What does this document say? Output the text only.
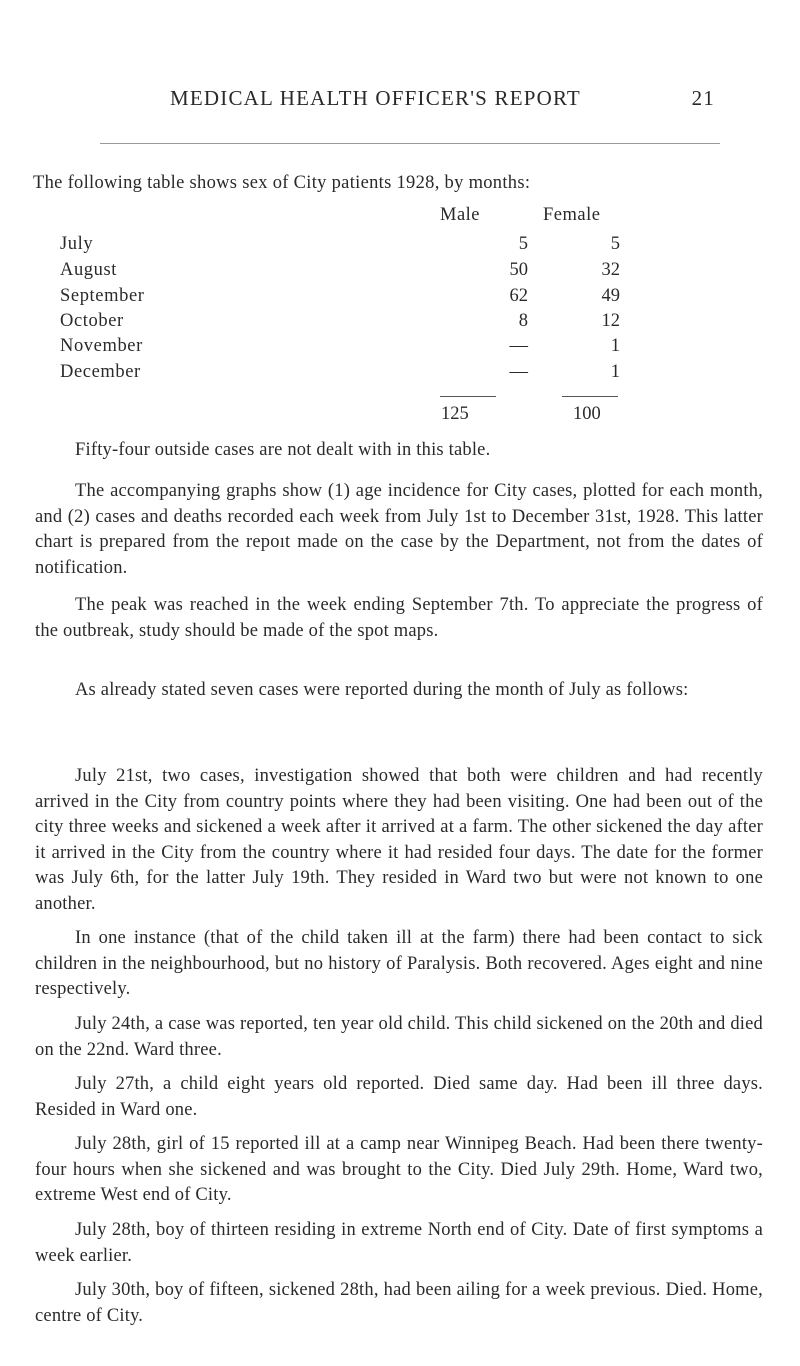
MEDICAL HEALTH OFFICER'S REPORT	21
The following table shows sex of City patients 1928, by months:
Male	Female
July	5	5
August	50	32
September	62	49
October	8	12
November	—	1
December	—	1
125	100

Fifty-four outside cases are not dealt with in this table.

The accompanying graphs show (1) age incidence for City cases, plotted for each month, and (2) cases and deaths recorded each week from July 1st to December 31st, 1928. This latter chart is prepared from the repoıt made on the case by the Department, not from the dates of notification.

The peak was reached in the week ending September 7th. To appreciate the progress of the outbreak, study should be made of the spot maps.

As already stated seven cases were reported during the month of July as follows:

July 21st, two cases, investigation showed that both were children and had recently arrived in the City from country points where they had been visiting. One had been out of the city three weeks and sickened a week after it arrived at a farm. The other sickened the day after it arrived in the City from the country where it had resided four days. The date for the former was July 6th, for the latter July 19th. They resided in Ward two but were not known to one another.

In one instance (that of the child taken ill at the farm) there had been contact to sick children in the neighbourhood, but no history of Paralysis. Both recovered. Ages eight and nine respectively.

July 24th, a case was reported, ten year old child. This child sickened on the 20th and died on the 22nd. Ward three.

July 27th, a child eight years old reported. Died same day. Had been ill three days. Resided in Ward one.

July 28th, girl of 15 reported ill at a camp near Winnipeg Beach. Had been there twenty-four hours when she sickened and was brought to the City. Died July 29th. Home, Ward two, extreme West end of City.

July 28th, boy of thirteen residing in extreme North end of City. Date of first symptoms a week earlier.

July 30th, boy of fifteen, sickened 28th, had been ailing for a week previous. Died. Home, centre of City.
